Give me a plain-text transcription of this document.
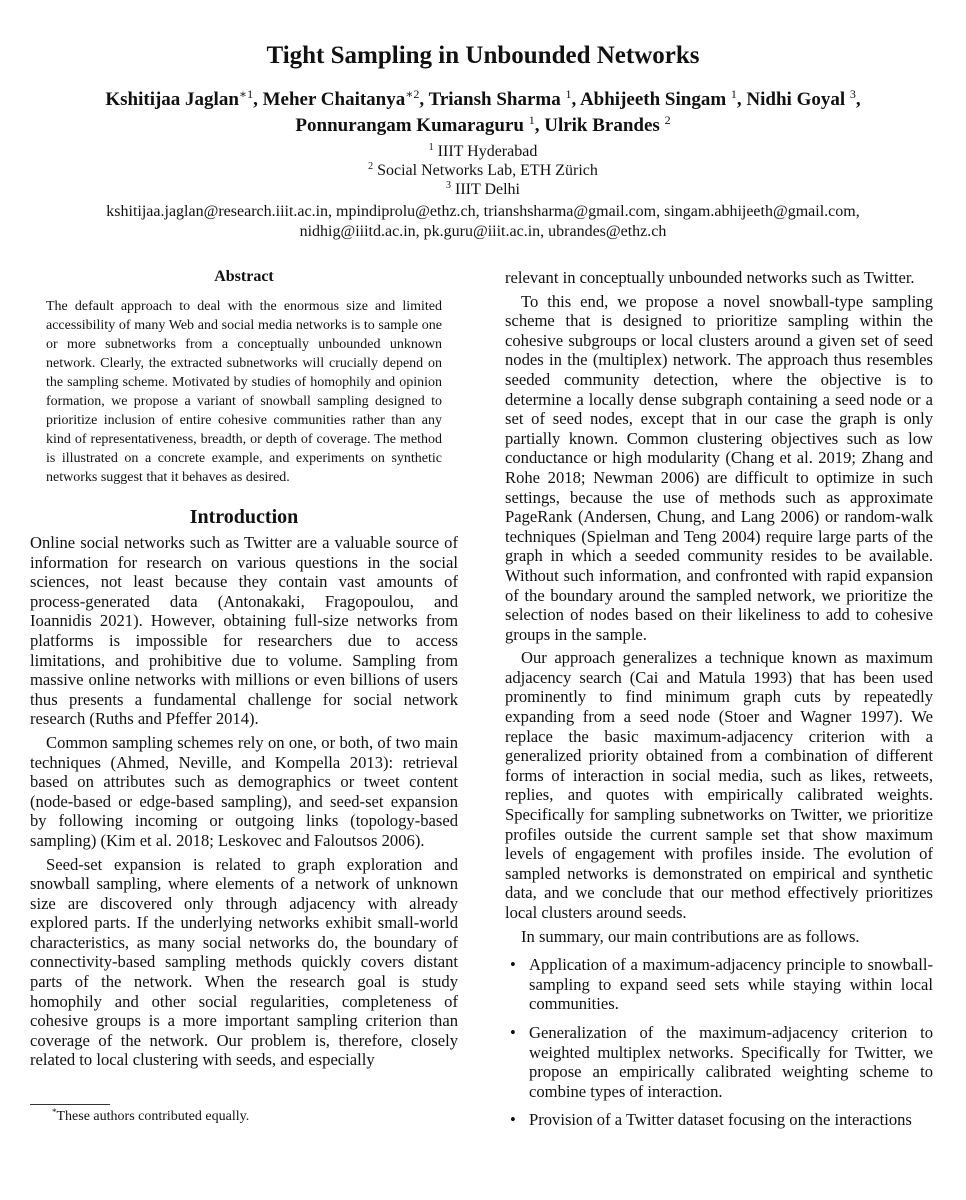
Tight Sampling in Unbounded Networks
Kshitijaa Jaglan$^{∗1}$, Meher Chaitanya$^{∗2}$, Triansh Sharma $^1$, Abhijeeth Singam $^1$, Nidhi Goyal $^3$,
Ponnurangam Kumaraguru $^1$, Ulrik Brandes $^2$
$^1$ IIIT Hyderabad
$^2$ Social Networks Lab, ETH Zürich
$^3$ IIIT Delhi
kshitijaa.jaglan@research.iiit.ac.in, mpindiprolu@ethz.ch, trianshsharma@gmail.com, singam.abhijeeth@gmail.com,
nidhig@iiitd.ac.in, pk.guru@iiit.ac.in, ubrandes@ethz.ch
Abstract
The default approach to deal with the enormous size and limited accessibility of many Web and social media networks is to sample one or more subnetworks from a conceptually unbounded unknown network. Clearly, the extracted subnetworks will crucially depend on the sampling scheme. Motivated by studies of homophily and opinion formation, we propose a variant of snowball sampling designed to prioritize inclusion of entire cohesive communities rather than any kind of representativeness, breadth, or depth of coverage. The method is illustrated on a concrete example, and experiments on synthetic networks suggest that it behaves as desired.
Introduction

Online social networks such as Twitter are a valuable source of information for research on various questions in the social sciences, not least because they contain vast amounts of process-generated data (Antonakaki, Fragopoulou, and Ioannidis 2021). However, obtaining full-size networks from platforms is impossible for researchers due to access limitations, and prohibitive due to volume. Sampling from massive online networks with millions or even billions of users thus presents a fundamental challenge for social network research (Ruths and Pfeffer 2014).

Common sampling schemes rely on one, or both, of two main techniques (Ahmed, Neville, and Kompella 2013): retrieval based on attributes such as demographics or tweet content (node-based or edge-based sampling), and seed-set expansion by following incoming or outgoing links (topology-based sampling) (Kim et al. 2018; Leskovec and Faloutsos 2006).

Seed-set expansion is related to graph exploration and snowball sampling, where elements of a network of unknown size are discovered only through adjacency with already explored parts. If the underlying networks exhibit small-world characteristics, as many social networks do, the boundary of connectivity-based sampling methods quickly covers distant parts of the network. When the research goal is study homophily and other social regularities, completeness of cohesive groups is a more important sampling criterion than coverage of the network. Our problem is, therefore, closely related to local clustering with seeds, and especially

relevant in conceptually unbounded networks such as Twitter.

To this end, we propose a novel snowball-type sampling scheme that is designed to prioritize sampling within the cohesive subgroups or local clusters around a given set of seed nodes in the (multiplex) network. The approach thus resembles seeded community detection, where the objective is to determine a locally dense subgraph containing a seed node or a set of seed nodes, except that in our case the graph is only partially known. Common clustering objectives such as low conductance or high modularity (Chang et al. 2019; Zhang and Rohe 2018; Newman 2006) are difficult to optimize in such settings, because the use of methods such as approximate PageRank (Andersen, Chung, and Lang 2006) or random-walk techniques (Spielman and Teng 2004) require large parts of the graph in which a seeded community resides to be available. Without such information, and confronted with rapid expansion of the boundary around the sampled network, we prioritize the selection of nodes based on their likeliness to add to cohesive groups in the sample.

Our approach generalizes a technique known as maximum adjacency search (Cai and Matula 1993) that has been used prominently to find minimum graph cuts by repeatedly expanding from a seed node (Stoer and Wagner 1997). We replace the basic maximum-adjacency criterion with a generalized priority obtained from a combination of different forms of interaction in social media, such as likes, retweets, replies, and quotes with empirically calibrated weights. Specifically for sampling subnetworks on Twitter, we prioritize profiles outside the current sample set that show maximum levels of engagement with profiles inside. The evolution of sampled networks is demonstrated on empirical and synthetic data, and we conclude that our method effectively prioritizes local clusters around seeds.

In summary, our main contributions are as follows.

• Application of a maximum-adjacency principle to snowball-sampling to expand seed sets while staying within local communities.
• Generalization of the maximum-adjacency criterion to weighted multiplex networks. Specifically for Twitter, we propose an empirically calibrated weighting scheme to combine types of interaction.
• Provision of a Twitter dataset focusing on the interactions
*These authors contributed equally.
